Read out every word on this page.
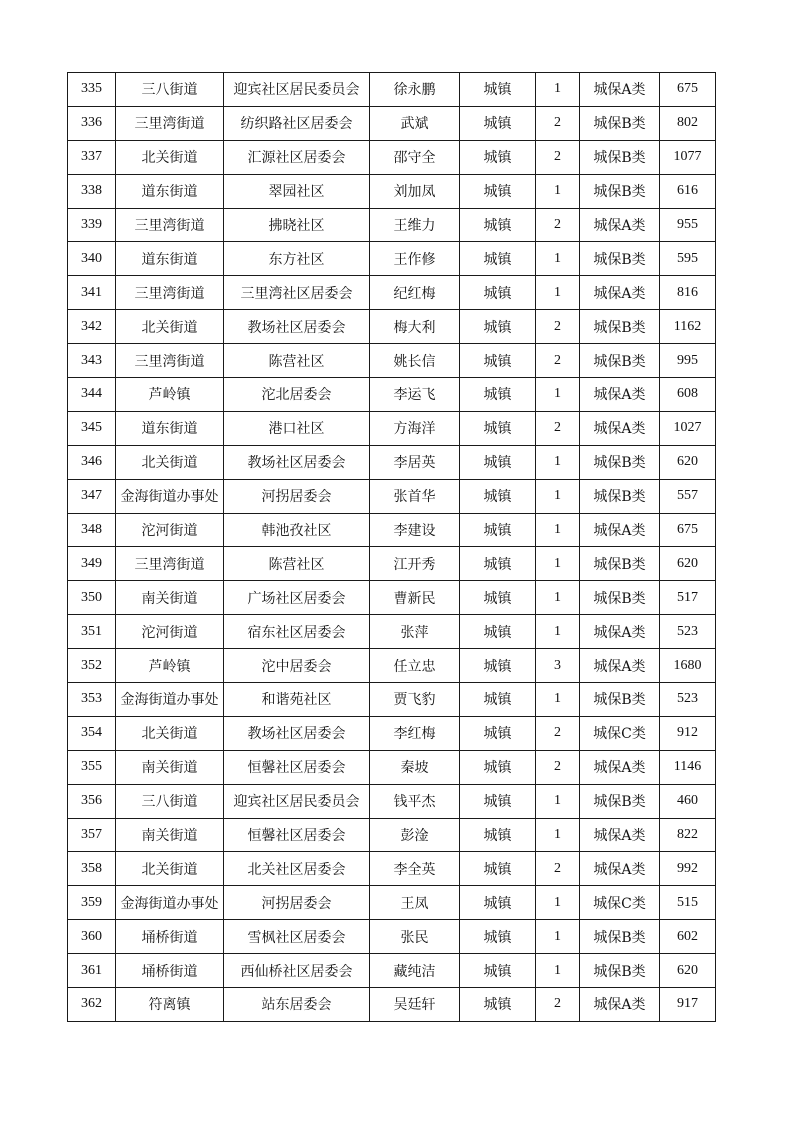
335	三八街道	迎宾社区居民委员会	徐永鹏	城镇	1	城保A类	675
336	三里湾街道	纺织路社区居委会	武斌	城镇	2	城保B类	802
337	北关街道	汇源社区居委会	邵守全	城镇	2	城保B类	1077
338	道东街道	翠园社区	刘加凤	城镇	1	城保B类	616
339	三里湾街道	拂晓社区	王维力	城镇	2	城保A类	955
340	道东街道	东方社区	王作修	城镇	1	城保B类	595
341	三里湾街道	三里湾社区居委会	纪红梅	城镇	1	城保A类	816
342	北关街道	教场社区居委会	梅大利	城镇	2	城保B类	1162
343	三里湾街道	陈营社区	姚长信	城镇	2	城保B类	995
344	芦岭镇	沱北居委会	李运飞	城镇	1	城保A类	608
345	道东街道	港口社区	方海洋	城镇	2	城保A类	1027
346	北关街道	教场社区居委会	李居英	城镇	1	城保B类	620
347	金海街道办事处	河拐居委会	张首华	城镇	1	城保B类	557
348	沱河街道	韩池孜社区	李建设	城镇	1	城保A类	675
349	三里湾街道	陈营社区	江开秀	城镇	1	城保B类	620
350	南关街道	广场社区居委会	曹新民	城镇	1	城保B类	517
351	沱河街道	宿东社区居委会	张萍	城镇	1	城保A类	523
352	芦岭镇	沱中居委会	任立忠	城镇	3	城保A类	1680
353	金海街道办事处	和谐苑社区	贾飞豹	城镇	1	城保B类	523
354	北关街道	教场社区居委会	李红梅	城镇	2	城保C类	912
355	南关街道	恒馨社区居委会	秦坡	城镇	2	城保A类	1146
356	三八街道	迎宾社区居民委员会	钱平杰	城镇	1	城保B类	460
357	南关街道	恒馨社区居委会	彭淦	城镇	1	城保A类	822
358	北关街道	北关社区居委会	李全英	城镇	2	城保A类	992
359	金海街道办事处	河拐居委会	王凤	城镇	1	城保C类	515
360	埇桥街道	雪枫社区居委会	张民	城镇	1	城保B类	602
361	埇桥街道	西仙桥社区居委会	藏纯洁	城镇	1	城保B类	620
362	符离镇	站东居委会	吴廷轩	城镇	2	城保A类	917
